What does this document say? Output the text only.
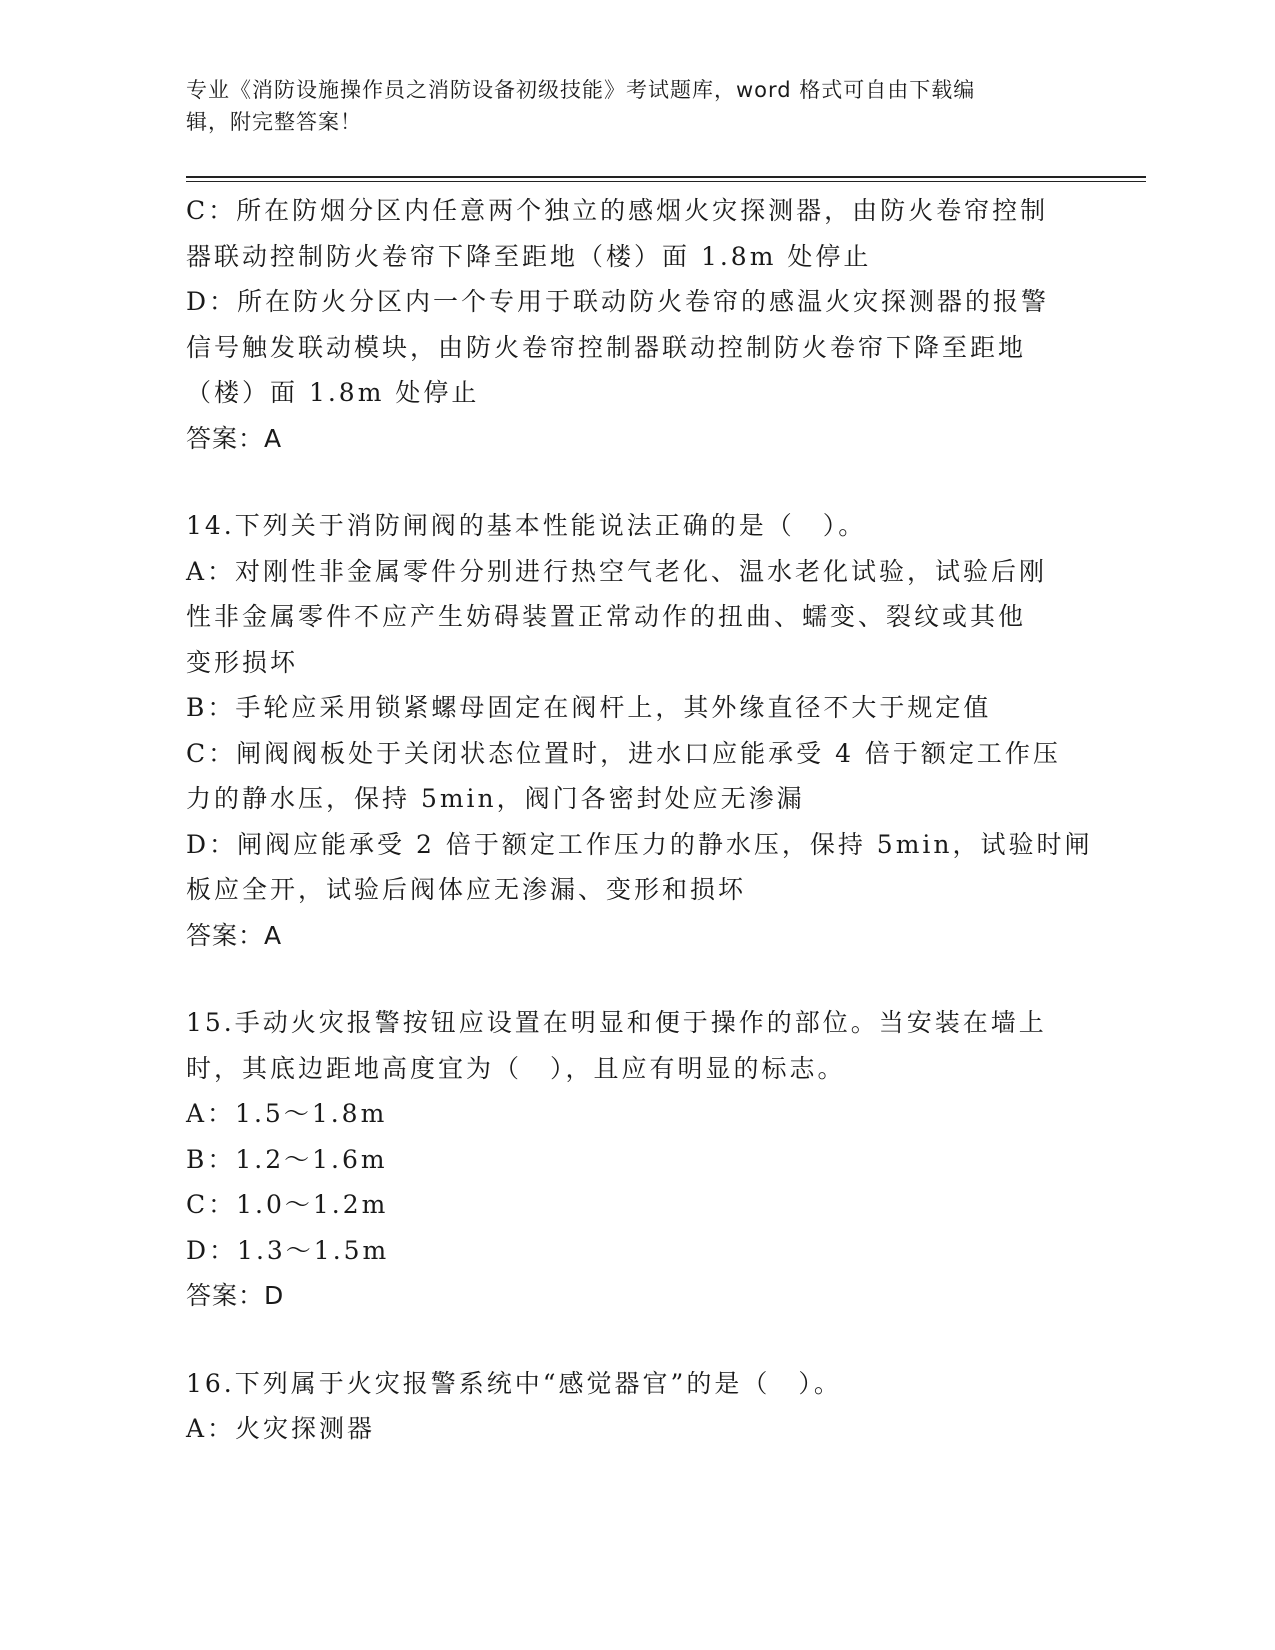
专业《消防设施操作员之消防设备初级技能》考试题库，word 格式可自由下载编
辑，附完整答案！
C：所在防烟分区内任意两个独立的感烟火灾探测器，由防火卷帘控制
器联动控制防火卷帘下降至距地（楼）面 1.8m 处停止
D：所在防火分区内一个专用于联动防火卷帘的感温火灾探测器的报警
信号触发联动模块，由防火卷帘控制器联动控制防火卷帘下降至距地
（楼）面 1.8m 处停止
答案：A
14.下列关于消防闸阀的基本性能说法正确的是（　）。
A：对刚性非金属零件分别进行热空气老化、温水老化试验，试验后刚
性非金属零件不应产生妨碍装置正常动作的扭曲、蠕变、裂纹或其他
变形损坏
B：手轮应采用锁紧螺母固定在阀杆上，其外缘直径不大于规定值
C：闸阀阀板处于关闭状态位置时，进水口应能承受 4 倍于额定工作压
力的静水压，保持 5min，阀门各密封处应无渗漏
D：闸阀应能承受 2 倍于额定工作压力的静水压，保持 5min，试验时闸
板应全开，试验后阀体应无渗漏、变形和损坏
答案：A
15.手动火灾报警按钮应设置在明显和便于操作的部位。当安装在墙上
时，其底边距地高度宜为（　），且应有明显的标志。
A：1.5～1.8m
B：1.2～1.6m
C：1.0～1.2m
D：1.3～1.5m
答案：D
16.下列属于火灾报警系统中“感觉器官”的是（　）。
A：火灾探测器
